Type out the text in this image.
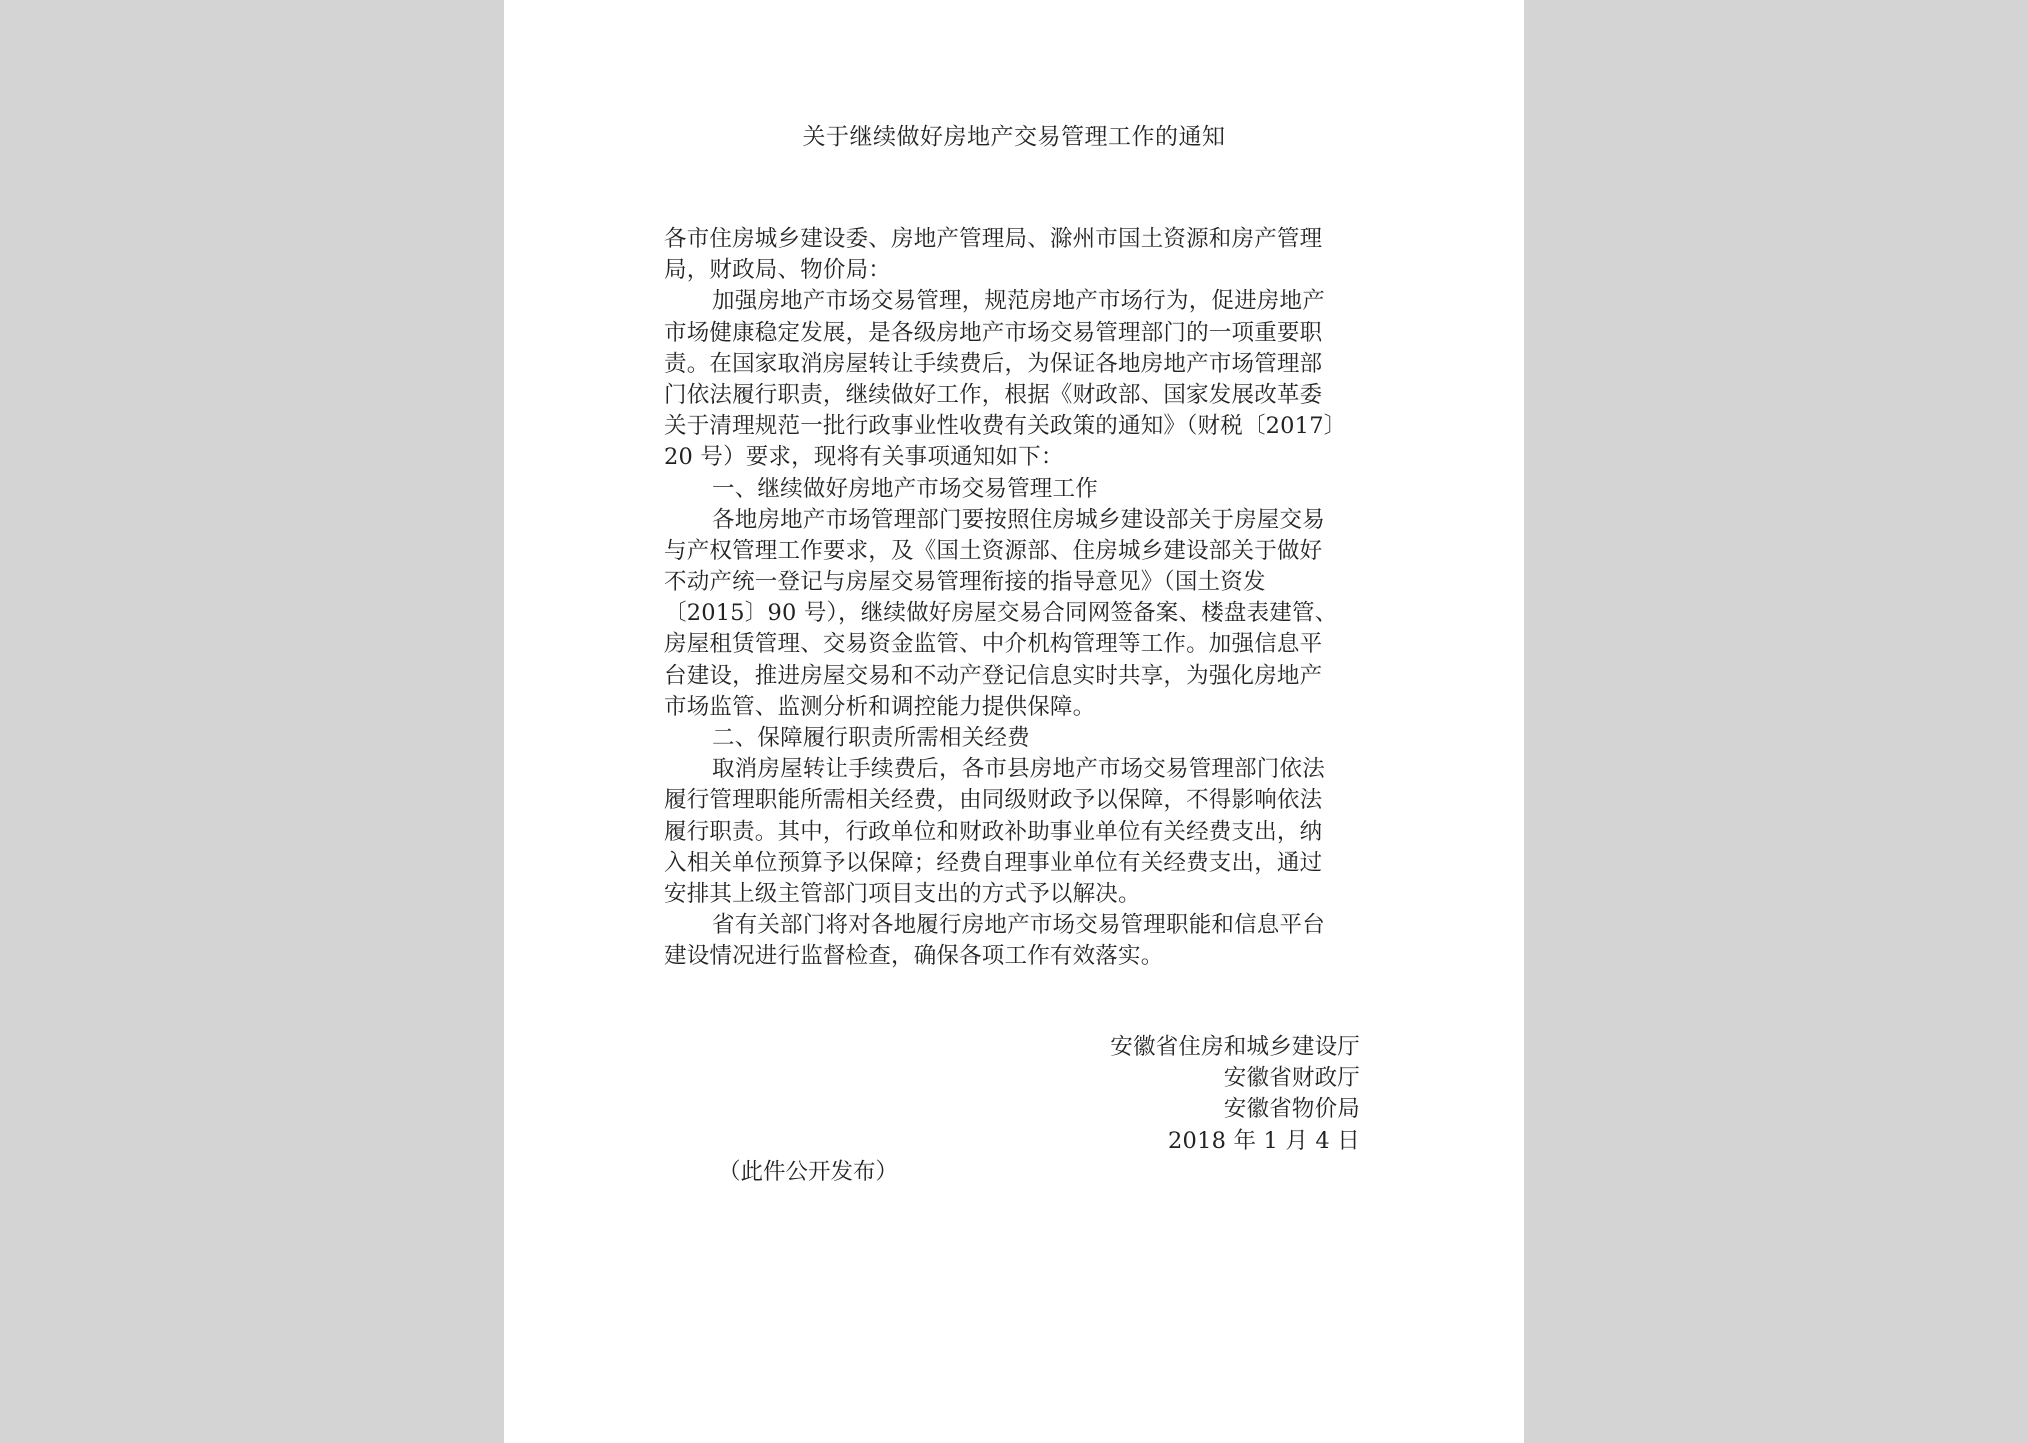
关于继续做好房地产交易管理工作的通知
各市住房城乡建设委、房地产管理局、滁州市国土资源和房产管理
局，财政局、物价局：
加强房地产市场交易管理，规范房地产市场行为，促进房地产
市场健康稳定发展，是各级房地产市场交易管理部门的一项重要职
责。在国家取消房屋转让手续费后，为保证各地房地产市场管理部
门依法履行职责，继续做好工作，根据《财政部、国家发展改革委
关于清理规范一批行政事业性收费有关政策的通知》（财税〔2017〕
20 号）要求，现将有关事项通知如下：
一、继续做好房地产市场交易管理工作
各地房地产市场管理部门要按照住房城乡建设部关于房屋交易
与产权管理工作要求，及《国土资源部、住房城乡建设部关于做好
不动产统一登记与房屋交易管理衔接的指导意见》（国土资发
〔2015〕90 号），继续做好房屋交易合同网签备案、楼盘表建管、
房屋租赁管理、交易资金监管、中介机构管理等工作。加强信息平
台建设，推进房屋交易和不动产登记信息实时共享，为强化房地产
市场监管、监测分析和调控能力提供保障。
二、保障履行职责所需相关经费
取消房屋转让手续费后，各市县房地产市场交易管理部门依法
履行管理职能所需相关经费，由同级财政予以保障，不得影响依法
履行职责。其中，行政单位和财政补助事业单位有关经费支出，纳
入相关单位预算予以保障；经费自理事业单位有关经费支出，通过
安排其上级主管部门项目支出的方式予以解决。
省有关部门将对各地履行房地产市场交易管理职能和信息平台
建设情况进行监督检查，确保各项工作有效落实。
安徽省住房和城乡建设厅
安徽省财政厅
安徽省物价局
2018 年 1 月 4 日
（此件公开发布）
